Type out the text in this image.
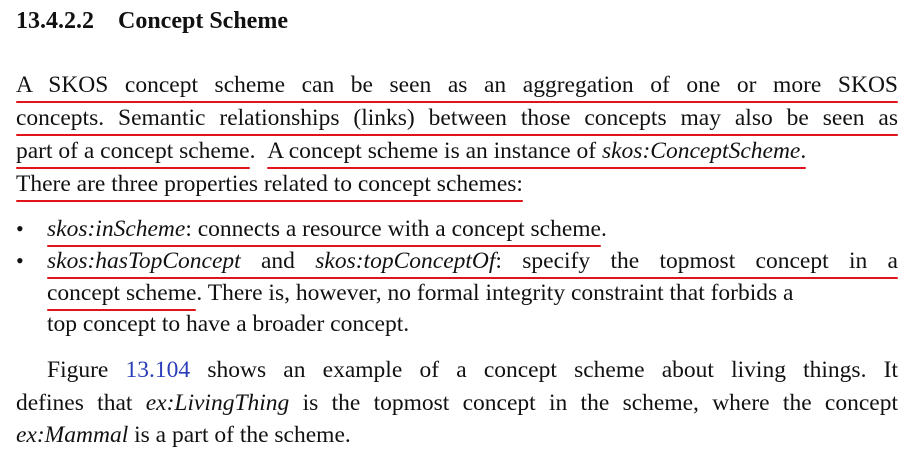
13.4.2.2 Concept Scheme
A SKOS concept scheme can be seen as an aggregation of one or more SKOS
concepts. Semantic relationships (links) between those concepts may also be seen as
part of a concept scheme. A concept scheme is an instance of skos:ConceptScheme.
There are three properties related to concept schemes:
• skos:inScheme: connects a resource with a concept scheme.
• skos:hasTopConcept and skos:topConceptOf: specify the topmost concept in a
concept scheme. There is, however, no formal integrity constraint that forbids a
top concept to have a broader concept.
Figure 13.104 shows an example of a concept scheme about living things. It
defines that ex:LivingThing is the topmost concept in the scheme, where the concept
ex:Mammal is a part of the scheme.
